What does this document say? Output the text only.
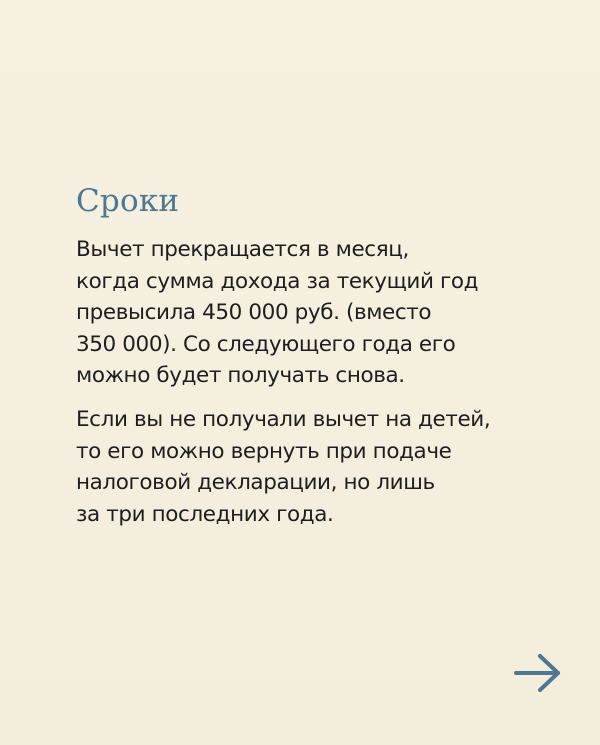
Сроки

Вычет прекращается в месяц,
когда сумма дохода за текущий год
превысила 450 000 руб. (вместо
350 000). Со следующего года его
можно будет получать снова.

Если вы не получали вычет на детей,
то его можно вернуть при подаче
налоговой декларации, но лишь
за три последних года.
